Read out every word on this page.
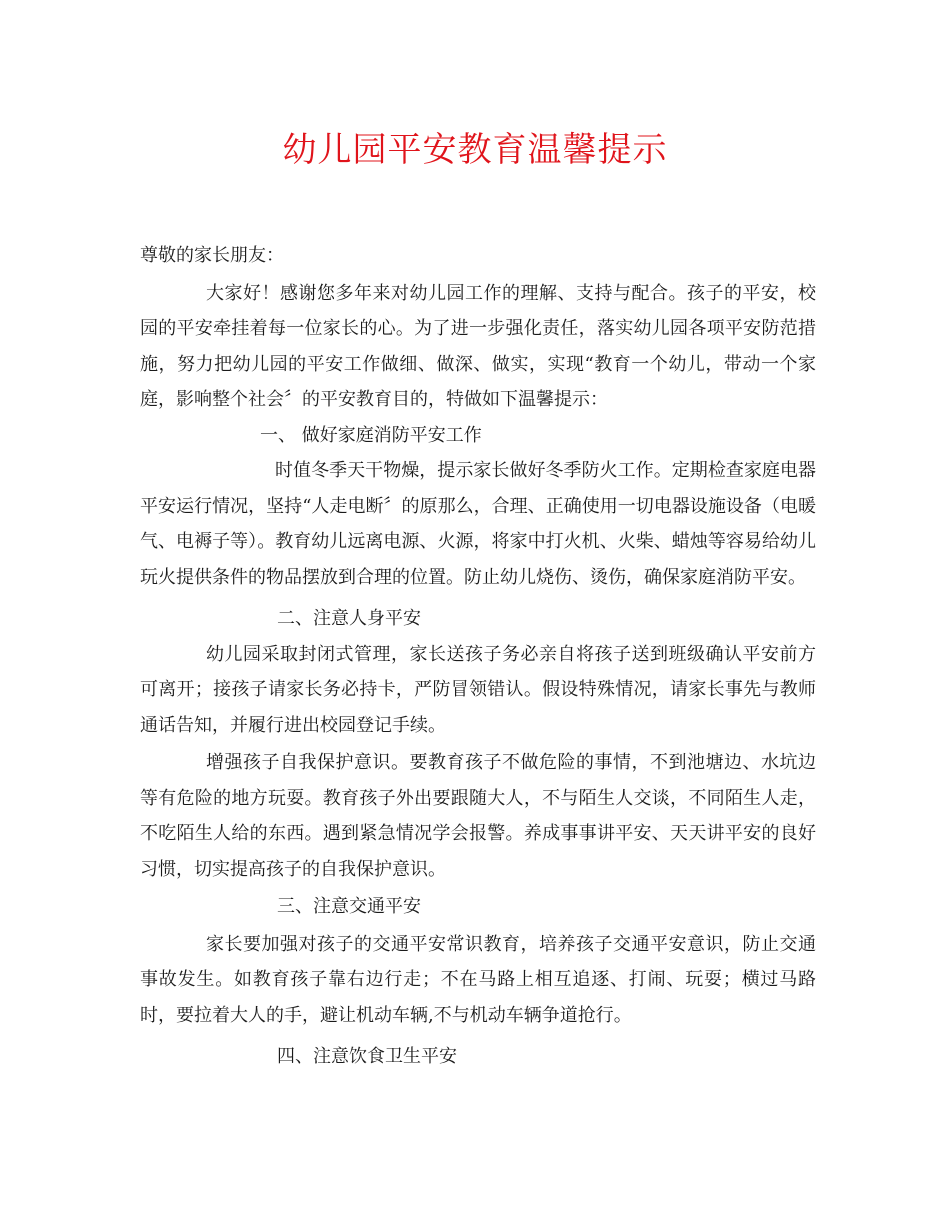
幼儿园平安教育温馨提示

尊敬的家长朋友：

大家好！感谢您多年来对幼儿园工作的理解、支持与配合。孩子的平安，校园的平安牵挂着每一位家长的心。为了进一步强化责任，落实幼儿园各项平安防范措施，努力把幼儿园的平安工作做细、做深、做实，实现“教育一个幼儿，带动一个家庭，影响整个社会〞的平安教育目的，特做如下温馨提示：

一、 做好家庭消防平安工作

时值冬季天干物燥，提示家长做好冬季防火工作。定期检查家庭电器平安运行情况，坚持“人走电断〞的原那么，合理、正确使用一切电器设施设备（电暖气、电褥子等）。教育幼儿远离电源、火源，将家中打火机、火柴、蜡烛等容易给幼儿玩火提供条件的物品摆放到合理的位置。防止幼儿烧伤、烫伤，确保家庭消防平安。

二、注意人身平安

幼儿园采取封闭式管理，家长送孩子务必亲自将孩子送到班级确认平安前方可离开；接孩子请家长务必持卡，严防冒领错认。假设特殊情况，请家长事先与教师通话告知，并履行进出校园登记手续。

增强孩子自我保护意识。要教育孩子不做危险的事情，不到池塘边、水坑边等有危险的地方玩耍。教育孩子外出要跟随大人，不与陌生人交谈，不同陌生人走，不吃陌生人给的东西。遇到紧急情况学会报警。养成事事讲平安、天天讲平安的良好习惯，切实提高孩子的自我保护意识。

三、注意交通平安

家长要加强对孩子的交通平安常识教育，培养孩子交通平安意识，防止交通事故发生。如教育孩子靠右边行走；不在马路上相互追逐、打闹、玩耍；横过马路时，要拉着大人的手，避让机动车辆,不与机动车辆争道抢行。

四、注意饮食卫生平安
